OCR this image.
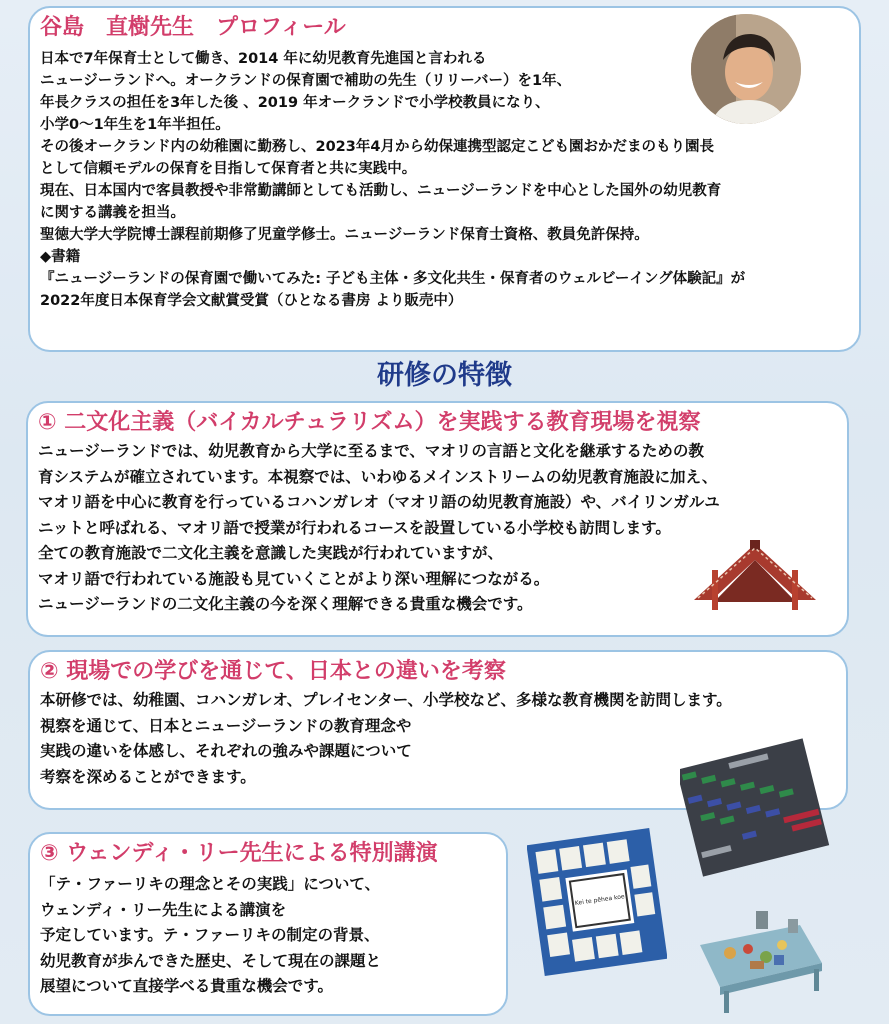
谷島　直樹先生　プロフィール
日本で7年保育士として働き、2014 年に幼児教育先進国と言われる
ニュージーランドへ。オークランドの保育園で補助の先生（リリーバー）を1年、
年長クラスの担任を3年した後 、2019 年オークランドで小学校教員になり、
小学0～1年生を1年半担任。
その後オークランド内の幼稚園に勤務し、2023年4月から幼保連携型認定こども園おかだまのもり園長
として信頼モデルの保育を目指して保育者と共に実践中。
現在、日本国内で客員教授や非常勤講師としても活動し、ニュージーランドを中心とした国外の幼児教育
に関する講義を担当。
聖徳大学大学院博士課程前期修了児童学修士。ニュージーランド保育士資格、教員免許保持。
◆書籍
『ニュージーランドの保育園で働いてみた: 子ども主体・多文化共生・保育者のウェルビーイング体験記』が
2022年度日本保育学会文献賞受賞（ひとなる書房 より販売中）
研修の特徴
① 二文化主義（バイカルチュラリズム）を実践する教育現場を視察
ニュージーランドでは、幼児教育から大学に至るまで、マオリの言語と文化を継承するための教
育システムが確立されています。本視察では、いわゆるメインストリームの幼児教育施設に加え、
マオリ語を中心に教育を行っているコハンガレオ（マオリ語の幼児教育施設）や、バイリンガルユ
ニットと呼ばれる、マオリ語で授業が行われるコースを設置している小学校も訪問します。
全ての教育施設で二文化主義を意識した実践が行われていますが、
マオリ語で行われている施設も見ていくことがより深い理解につながる。
ニュージーランドの二文化主義の今を深く理解できる貴重な機会です。
② 現場での学びを通じて、日本との違いを考察
本研修では、幼稚園、コハンガレオ、プレイセンター、小学校など、多様な教育機関を訪問します。
視察を通じて、日本とニュージーランドの教育理念や
実践の違いを体感し、それぞれの強みや課題について
考察を深めることができます。
③ ウェンディ・リー先生による特別講演
「テ・ファーリキの理念とその実践」について、
ウェンディ・リー先生による講演を
予定しています。テ・ファーリキの制定の背景、
幼児教育が歩んできた歴史、そして現在の課題と
展望について直接学べる貴重な機会です。
Kei te pēhea koe
